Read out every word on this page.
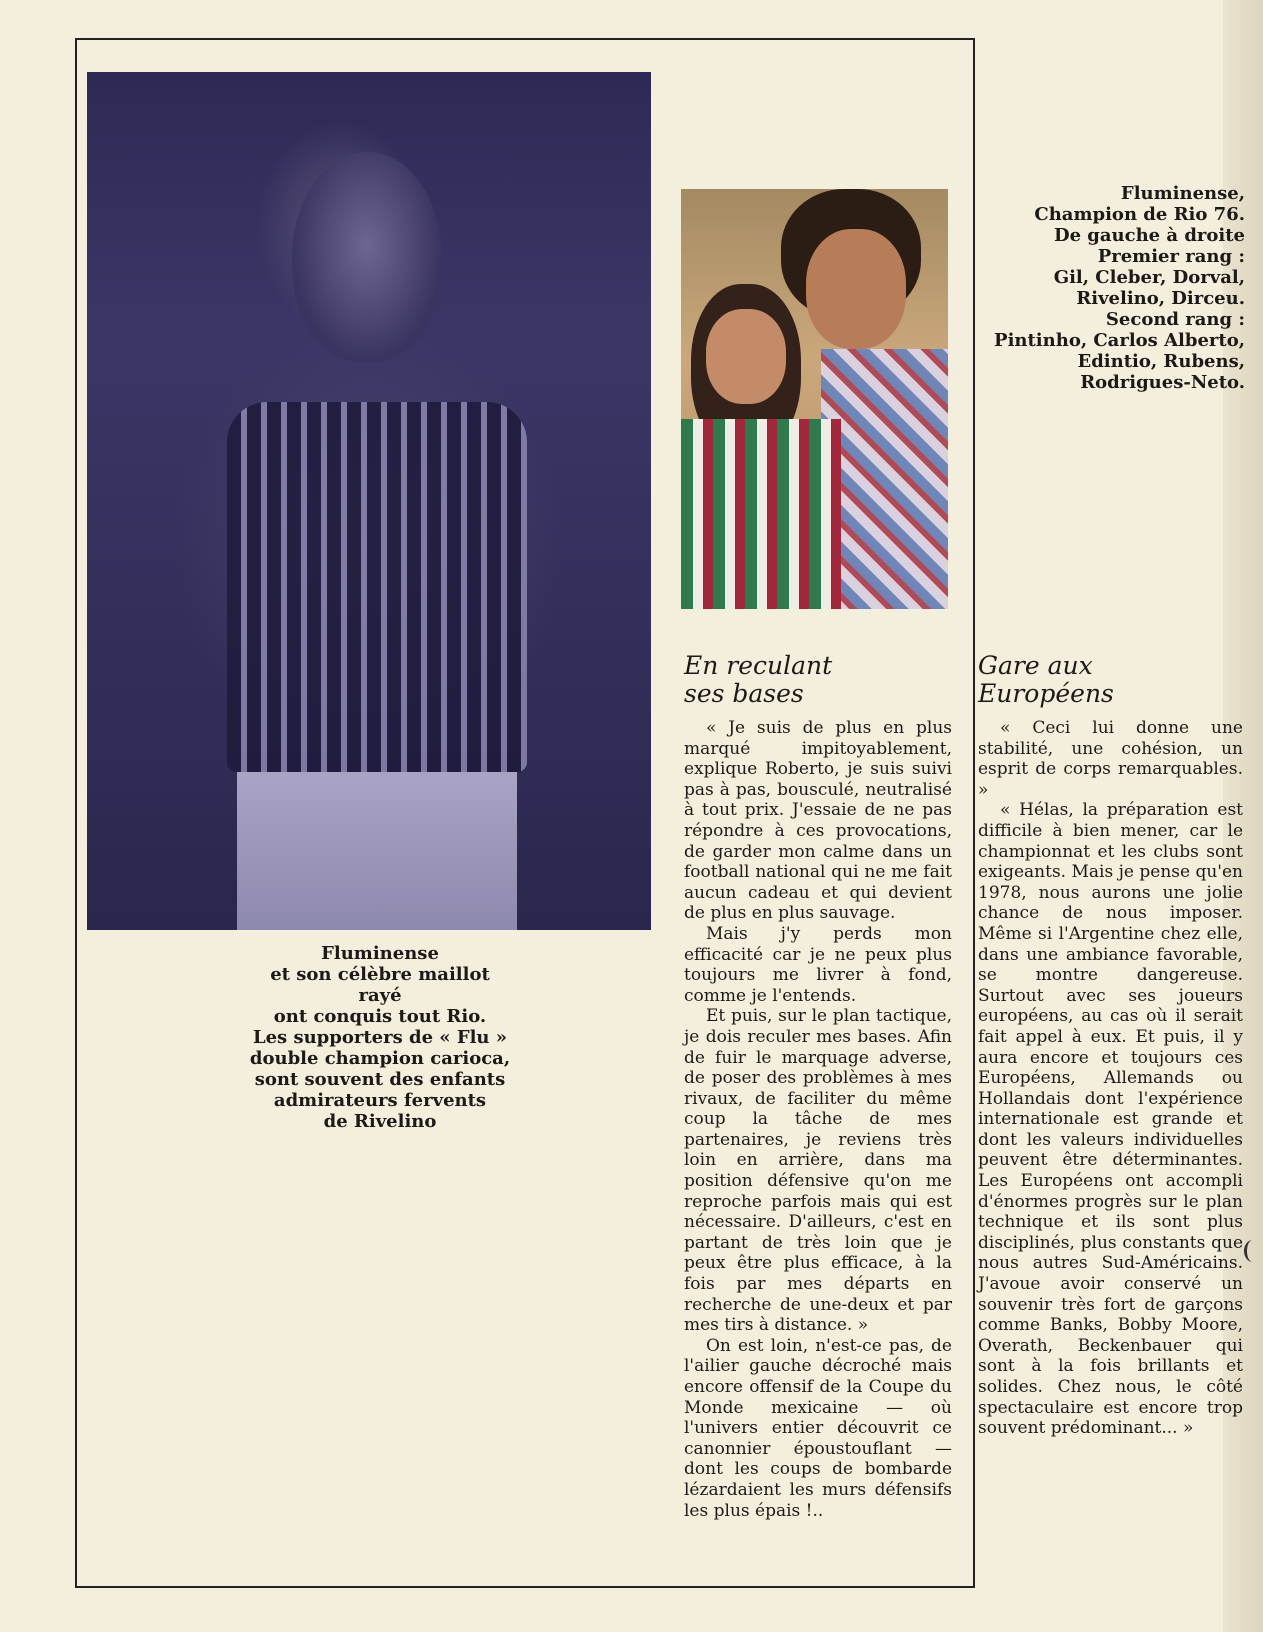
Fluminense
et son célèbre maillot
rayé
ont conquis tout Rio.
Les supporters de « Flu »
double champion carioca,
sont souvent des enfants
admirateurs fervents
de Rivelino
Fluminense,
Champion de Rio 76.
De gauche à droite
Premier rang :
Gil, Cleber, Dorval,
Rivelino, Dirceu.
Second rang :
Pintinho, Carlos Alberto,
Edintio, Rubens,
Rodrigues-Neto.
En reculant
ses bases

« Je suis de plus en plus marqué impitoyablement, explique Roberto, je suis suivi pas à pas, bousculé, neutralisé à tout prix. J'essaie de ne pas répondre à ces provocations, de garder mon calme dans un football national qui ne me fait aucun cadeau et qui devient de plus en plus sauvage.

Mais j'y perds mon efficacité car je ne peux plus toujours me livrer à fond, comme je l'entends.

Et puis, sur le plan tactique, je dois reculer mes bases. Afin de fuir le marquage adverse, de poser des problèmes à mes rivaux, de faciliter du même coup la tâche de mes partenaires, je reviens très loin en arrière, dans ma position défensive qu'on me reproche parfois mais qui est nécessaire. D'ailleurs, c'est en partant de très loin que je peux être plus efficace, à la fois par mes départs en recherche de une-deux et par mes tirs à distance. »

On est loin, n'est-ce pas, de l'ailier gauche décroché mais encore offensif de la Coupe du Monde mexicaine — où l'univers entier découvrit ce canonnier époustouflant — dont les coups de bombarde lézardaient les murs défensifs les plus épais !..

Gare aux
Européens

« Ceci lui donne une stabilité, une cohésion, un esprit de corps remarquables. »

« Hélas, la préparation est difficile à bien mener, car le championnat et les clubs sont exigeants. Mais je pense qu'en 1978, nous aurons une jolie chance de nous imposer. Même si l'Argentine chez elle, dans une ambiance favorable, se montre dangereuse. Surtout avec ses joueurs européens, au cas où il serait fait appel à eux. Et puis, il y aura encore et toujours ces Européens, Allemands ou Hollandais dont l'expérience internationale est grande et dont les valeurs individuelles peuvent être déterminantes. Les Européens ont accompli d'énormes progrès sur le plan technique et ils sont plus disciplinés, plus constants que nous autres Sud-Américains. J'avoue avoir conservé un souvenir très fort de garçons comme Banks, Bobby Moore, Overath, Beckenbauer qui sont à la fois brillants et solides. Chez nous, le côté spectaculaire est encore trop souvent prédominant... »
